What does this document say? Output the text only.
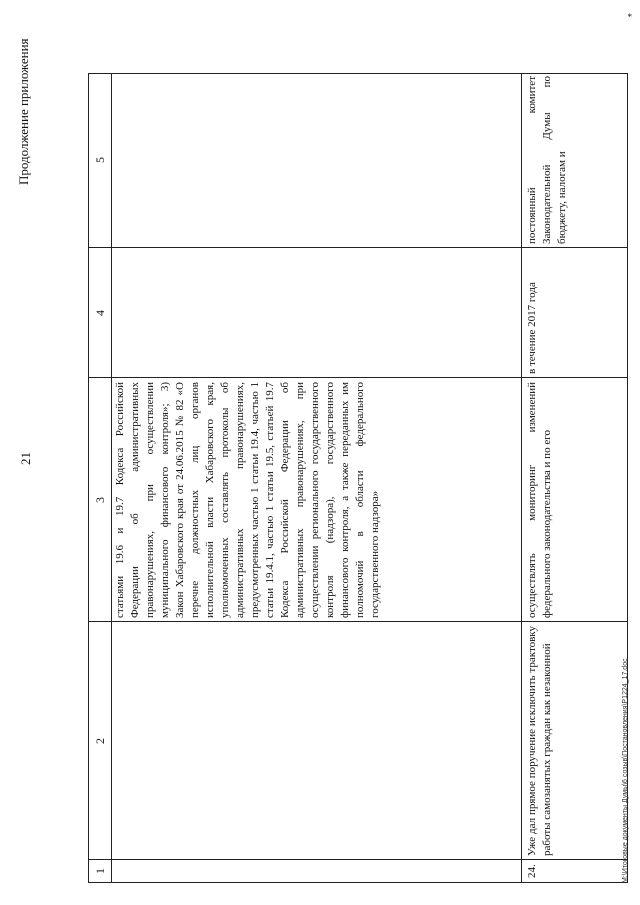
21
Продолжение приложения
1
2
3
4
5

статьями 19.6 и 19.7 Кодекса Российской Федерации об административных правонарушениях, при осуществлении муниципального финансового контроля»; 3) Закон Хабаровского края от 24.06.2015 № 82 «О перечне должностных лиц органов исполнительной власти Хабаровского края, уполномоченных составлять протоколы об административных правонарушениях, предусмотренных частью 1 статьи 19.4, частью 1 статьи 19.4.1, частью 1 статьи 19.5, статьей 19.7 Кодекса Российской Федерации об административных правонарушениях, при осуществлении регионального государственного контроля (надзора), государственного финансового контроля, а также переданных им полномочий в области федерального государственного надзора»

24.

Уже дал прямое поручение исключить трактовку работы самозанятых граждан как незаконной

осуществлять мониторинг изменений федерального законодательства и по его

в течение 2017 года

постоянный комитет Законодательной Думы по бюджету, налогам и

M:\Итоговые документы Думы\6 созыв\Постановления\P1224_17.doc
*
